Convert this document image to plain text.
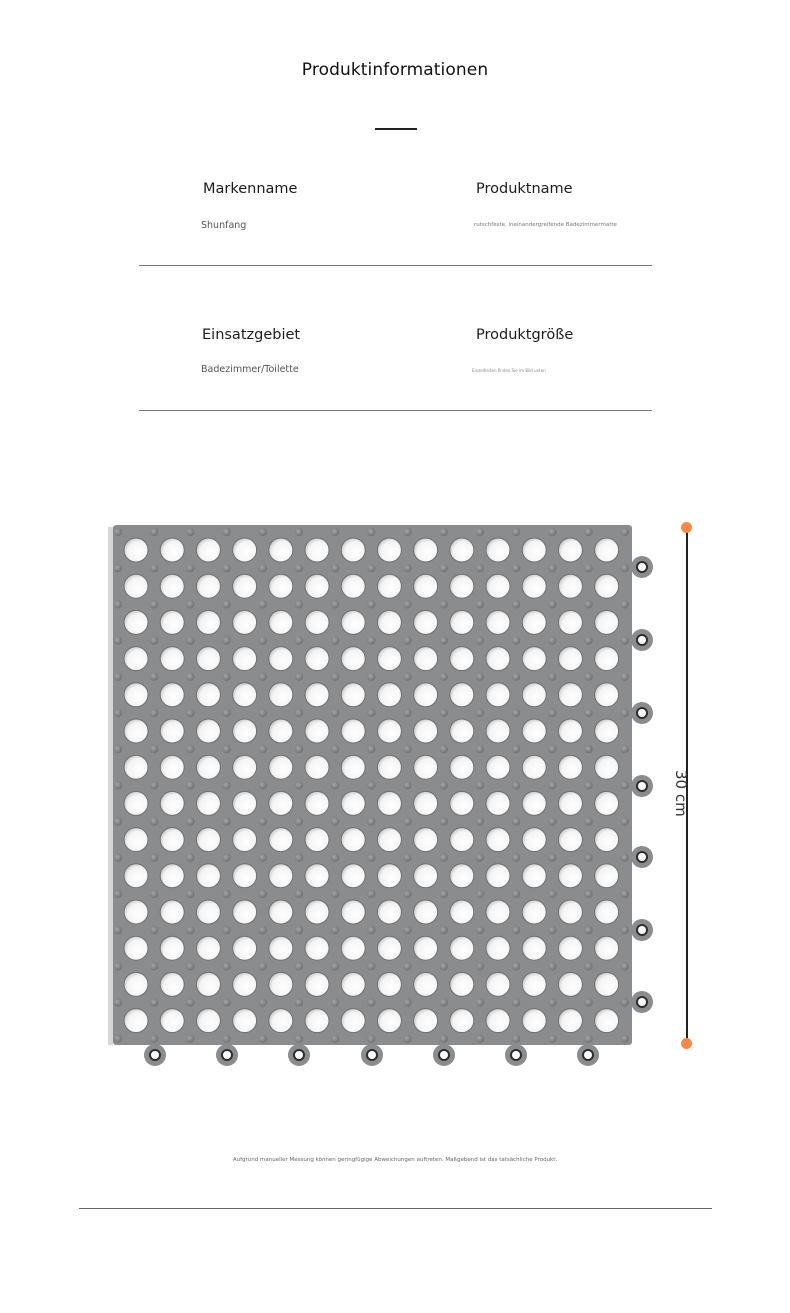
Produktinformationen
Markenname
Shunfang
Produktname
rutschfeste, ineinandergreifende Badezimmermatte
Einsatzgebiet
Badezimmer/Toilette
Produktgröße
Einzelheiten finden Sie im Bild unten
30 cm
Aufgrund manueller Messung können geringfügige Abweichungen auftreten. Maßgebend ist das tatsächliche Produkt.
